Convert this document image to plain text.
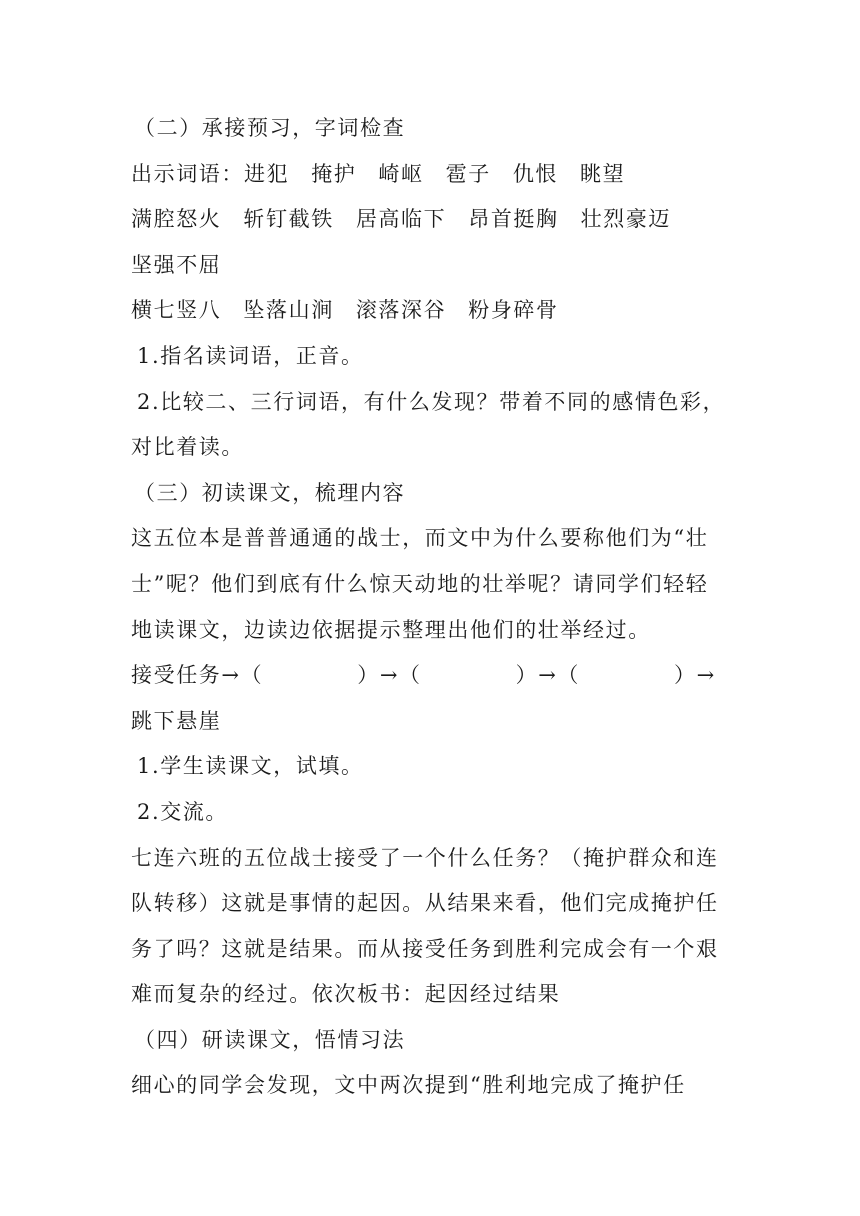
（二）承接预习，字词检查
出示词语：进犯 掩护 崎岖 雹子 仇恨 眺望
满腔怒火 斩钉截铁 居高临下 昂首挺胸 壮烈豪迈
坚强不屈
横七竖八 坠落山涧 滚落深谷 粉身碎骨
1.指名读词语，正音。
2.比较二、三行词语，有什么发现？带着不同的感情色彩，
对比着读。
（三）初读课文，梳理内容
这五位本是普普通通的战士，而文中为什么要称他们为“壮
士”呢？他们到底有什么惊天动地的壮举呢？请同学们轻轻
地读课文，边读边依据提示整理出他们的壮举经过。
接受任务→（	）→（	）→（	）→
跳下悬崖
1.学生读课文，试填。
2.交流。
七连六班的五位战士接受了一个什么任务？（掩护群众和连
队转移）这就是事情的起因。从结果来看，他们完成掩护任
务了吗？这就是结果。而从接受任务到胜利完成会有一个艰
难而复杂的经过。依次板书：起因经过结果
（四）研读课文，悟情习法
细心的同学会发现，文中两次提到“胜利地完成了掩护任
